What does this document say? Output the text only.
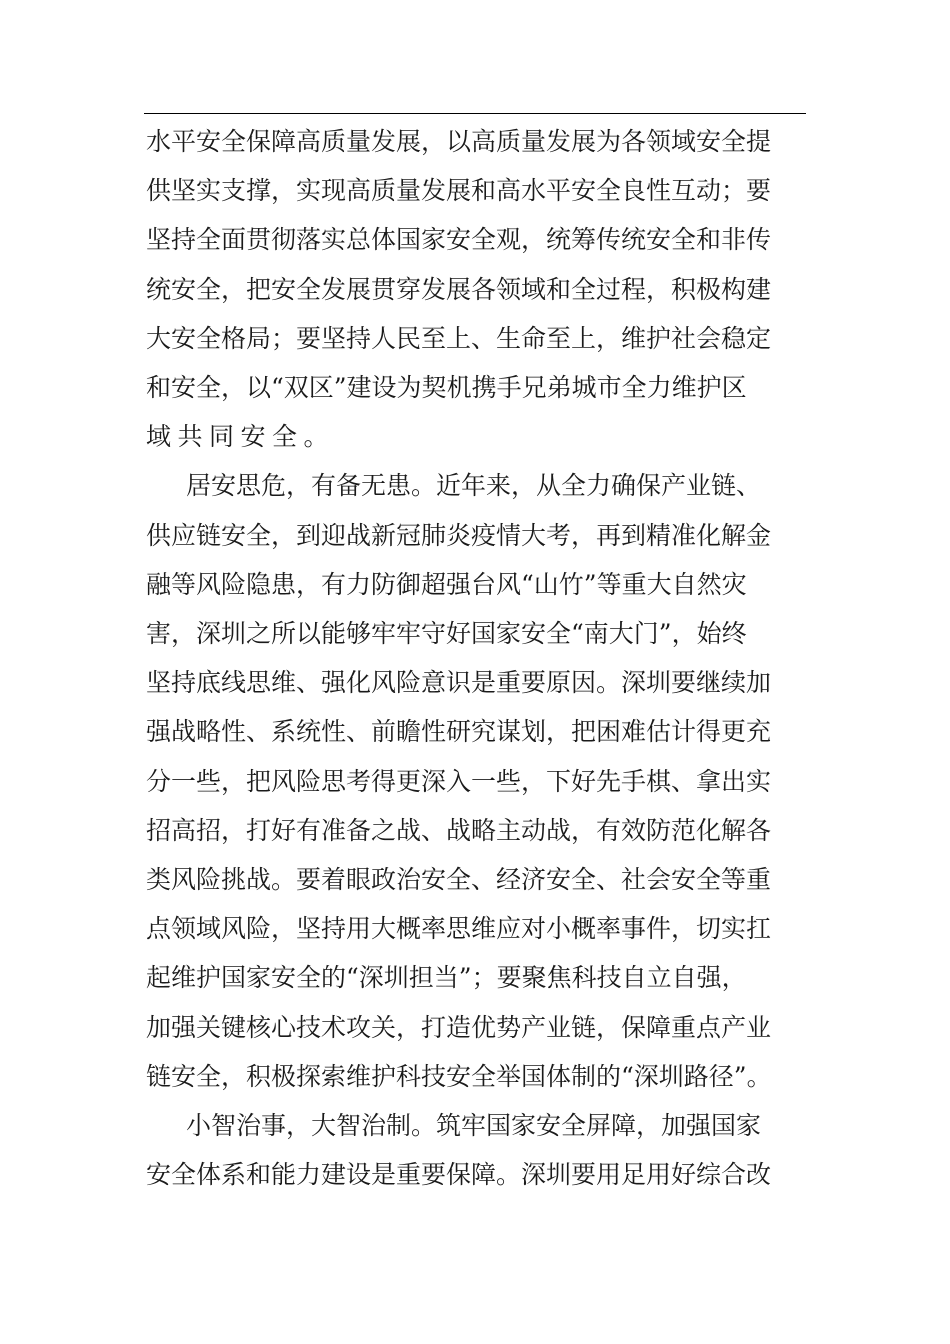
水平安全保障高质量发展，以高质量发展为各领域安全提
供坚实支撑，实现高质量发展和高水平安全良性互动；要
坚持全面贯彻落实总体国家安全观，统筹传统安全和非传
统安全，把安全发展贯穿发展各领域和全过程，积极构建
大安全格局；要坚持人民至上、生命至上，维护社会稳定
和安全，以“双区”建设为契机携手兄弟城市全力维护区
域共同安全。
居安思危，有备无患。近年来，从全力确保产业链、
供应链安全，到迎战新冠肺炎疫情大考，再到精准化解金
融等风险隐患，有力防御超强台风“山竹”等重大自然灾
害，深圳之所以能够牢牢守好国家安全“南大门”，始终
坚持底线思维、强化风险意识是重要原因。深圳要继续加
强战略性、系统性、前瞻性研究谋划，把困难估计得更充
分一些，把风险思考得更深入一些，下好先手棋、拿出实
招高招，打好有准备之战、战略主动战，有效防范化解各
类风险挑战。要着眼政治安全、经济安全、社会安全等重
点领域风险，坚持用大概率思维应对小概率事件，切实扛
起维护国家安全的“深圳担当”；要聚焦科技自立自强，
加强关键核心技术攻关，打造优势产业链，保障重点产业
链安全，积极探索维护科技安全举国体制的“深圳路径”。
小智治事，大智治制。筑牢国家安全屏障，加强国家
安全体系和能力建设是重要保障。深圳要用足用好综合改
